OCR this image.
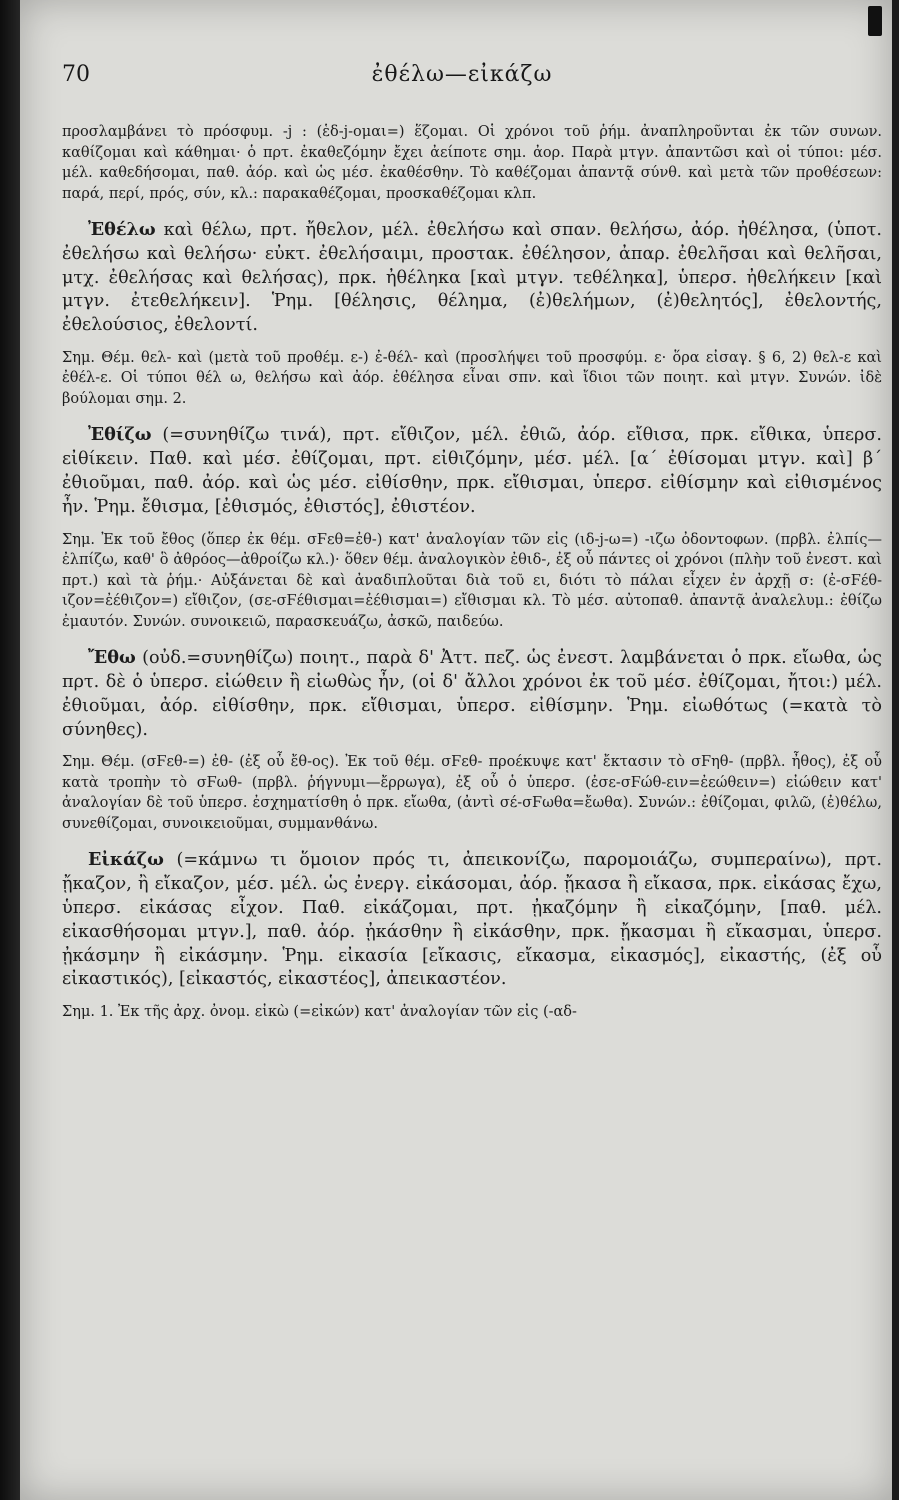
70	ἐθέλω—εἰκάζω

προσλαμβάνει τὸ πρόσφυμ. -j : (ἑδ-j-ομαι=) ἕζομαι. Οἱ χρόνοι τοῦ ῥήμ. ἀναπληροῦνται ἐκ τῶν συνων. καθίζομαι καὶ κάθημαι· ὁ πρτ. ἐκαθεζόμην ἔχει ἀείποτε σημ. ἀορ. Παρὰ μτγν. ἀπαντῶσι καὶ οἱ τύποι: μέσ. μέλ. καθεδήσομαι, παθ. ἀόρ. καὶ ὡς μέσ. ἐκαθέσθην. Τὸ καθέζομαι ἀπαντᾷ σύνθ. καὶ μετὰ τῶν προθέσεων: παρά, περί, πρός, σύν, κλ.: παρακαθέζομαι, προσκαθέζομαι κλπ.

Ἐθέλω καὶ θέλω, πρτ. ἤθελον, μέλ. ἐθελήσω καὶ σπαν. θελήσω, ἀόρ. ἠθέλησα, (ὑποτ. ἐθελήσω καὶ θελήσω· εὐκτ. ἐθελήσαιμι, προστακ. ἐθέλησον, ἀπαρ. ἐθελῆσαι καὶ θελῆσαι, μτχ. ἐθελήσας καὶ θελήσας), πρκ. ἠθέληκα [καὶ μτγν. τεθέληκα], ὑπερσ. ἠθελήκειν [καὶ μτγν. ἐτεθελήκειν]. Ῥημ. [θέλησις, θέλημα, (ἐ)θελήμων, (ἐ)θελητός], ἐθελοντής, ἐθελούσιος, ἐθελοντί.

Σημ. Θέμ. θελ- καὶ (μετὰ τοῦ προθέμ. ε-) ἐ-θέλ- καὶ (προσλήψει τοῦ προσφύμ. ε· ὅρα εἰσαγ. § 6, 2) θελ-ε καὶ ἐθέλ-ε. Οἱ τύποι θέλ ω, θελήσω καὶ ἀόρ. ἐθέλησα εἶναι σπν. καὶ ἴδιοι τῶν ποιητ. καὶ μτγν. Συνών. ἰδὲ βούλομαι σημ. 2.

Ἐθίζω (=συνηθίζω τινά), πρτ. εἴθιζον, μέλ. ἐθιῶ, ἀόρ. εἴθισα, πρκ. εἴθικα, ὑπερσ. εἰθίκειν. Παθ. καὶ μέσ. ἐθίζομαι, πρτ. εἰθιζόμην, μέσ. μέλ. [α´ ἐθίσομαι μτγν. καὶ] β´ ἐθιοῦμαι, παθ. ἀόρ. καὶ ὡς μέσ. εἰθίσθην, πρκ. εἴθισμαι, ὑπερσ. εἰθίσμην καὶ εἰθισμένος ἦν. Ῥημ. ἔθισμα, [ἐθισμός, ἐθιστός], ἐθιστέον.

Σημ. Ἐκ τοῦ ἔθος (ὅπερ ἐκ θέμ. σϜεθ=ἐθ-) κατ' ἀναλογίαν τῶν εἰς (ιδ-j-ω=) -ιζω ὀδοντοφων. (πρβλ. ἐλπίς—ἐλπίζω, καθ' ὃ ἀθρόος—ἀθροίζω κλ.)· ὅθεν θέμ. ἀναλογικὸν ἐθιδ-, ἐξ οὗ πάντες οἱ χρόνοι (πλὴν τοῦ ἐνεστ. καὶ πρτ.) καὶ τὰ ῥήμ.· Αὐξάνεται δὲ καὶ ἀναδιπλοῦται διὰ τοῦ ει, διότι τὸ πάλαι εἶχεν ἐν ἀρχῇ σ: (ἐ-σϜέθ-ιζον=ἐέθιζον=) εἴθιζον, (σε-σϜέθισμαι=ἐέθισμαι=) εἴθισμαι κλ. Τὸ μέσ. αὐτοπαθ. ἀπαντᾷ ἀναλελυμ.: ἐθίζω ἐμαυτόν. Συνών. συνοικειῶ, παρασκευάζω, ἀσκῶ, παιδεύω.

Ἔθω (οὐδ.=συνηθίζω) ποιητ., παρὰ δ' Ἀττ. πεζ. ὡς ἐνεστ. λαμβάνεται ὁ πρκ. εἴωθα, ὡς πρτ. δὲ ὁ ὑπερσ. εἰώθειν ἢ εἰωθὼς ἦν, (οἱ δ' ἄλλοι χρόνοι ἐκ τοῦ μέσ. ἐθίζομαι, ἤτοι:) μέλ. ἐθιοῦμαι, ἀόρ. εἰθίσθην, πρκ. εἴθισμαι, ὑπερσ. εἰθίσμην. Ῥημ. εἰωθότως (=κατὰ τὸ σύνηθες).

Σημ. Θέμ. (σϜεθ-=) ἐθ- (ἐξ οὗ ἔθ-ος). Ἐκ τοῦ θέμ. σϜεθ- προέκυψε κατ' ἔκτασιν τὸ σϜηθ- (πρβλ. ἦθος), ἐξ οὗ κατὰ τροπὴν τὸ σϜωθ- (πρβλ. ῥήγνυμι—ἔρρωγα), ἐξ οὗ ὁ ὑπερσ. (ἐσε-σϜώθ-ειν=ἐεώθειν=) εἰώθειν κατ' ἀναλογίαν δὲ τοῦ ὑπερσ. ἐσχηματίσθη ὁ πρκ. εἴωθα, (ἀντὶ σέ-σϜωθα=ἔωθα). Συνών.: ἐθίζομαι, φιλῶ, (ἐ)θέλω, συνεθίζομαι, συνοικειοῦμαι, συμμανθάνω.

Εἰκάζω (=κάμνω τι ὅμοιον πρός τι, ἀπεικονίζω, παρομοιάζω, συμπεραίνω), πρτ. ᾔκαζον, ἢ εἴκαζον, μέσ. μέλ. ὡς ἐνεργ. εἰκάσομαι, ἀόρ. ᾔκασα ἢ εἴκασα, πρκ. εἰκάσας ἔχω, ὑπερσ. εἰκάσας εἶχον. Παθ. εἰκάζομαι, πρτ. ᾐκαζόμην ἢ εἰκαζόμην, [παθ. μέλ. εἰκασθήσομαι μτγν.], παθ. ἀόρ. ᾐκάσθην ἢ εἰκάσθην, πρκ. ᾔκασμαι ἢ εἴκασμαι, ὑπερσ. ᾐκάσμην ἢ εἰκάσμην. Ῥημ. εἰκασία [εἴκασις, εἴκασμα, εἰκασμός], εἰκαστής, (ἐξ οὗ εἰκαστικός), [εἰκαστός, εἰκαστέος], ἀπεικαστέον.

Σημ. 1. Ἐκ τῆς ἀρχ. ὀνομ. εἰκὼ (=εἰκών) κατ' ἀναλογίαν τῶν εἰς (-αδ-
